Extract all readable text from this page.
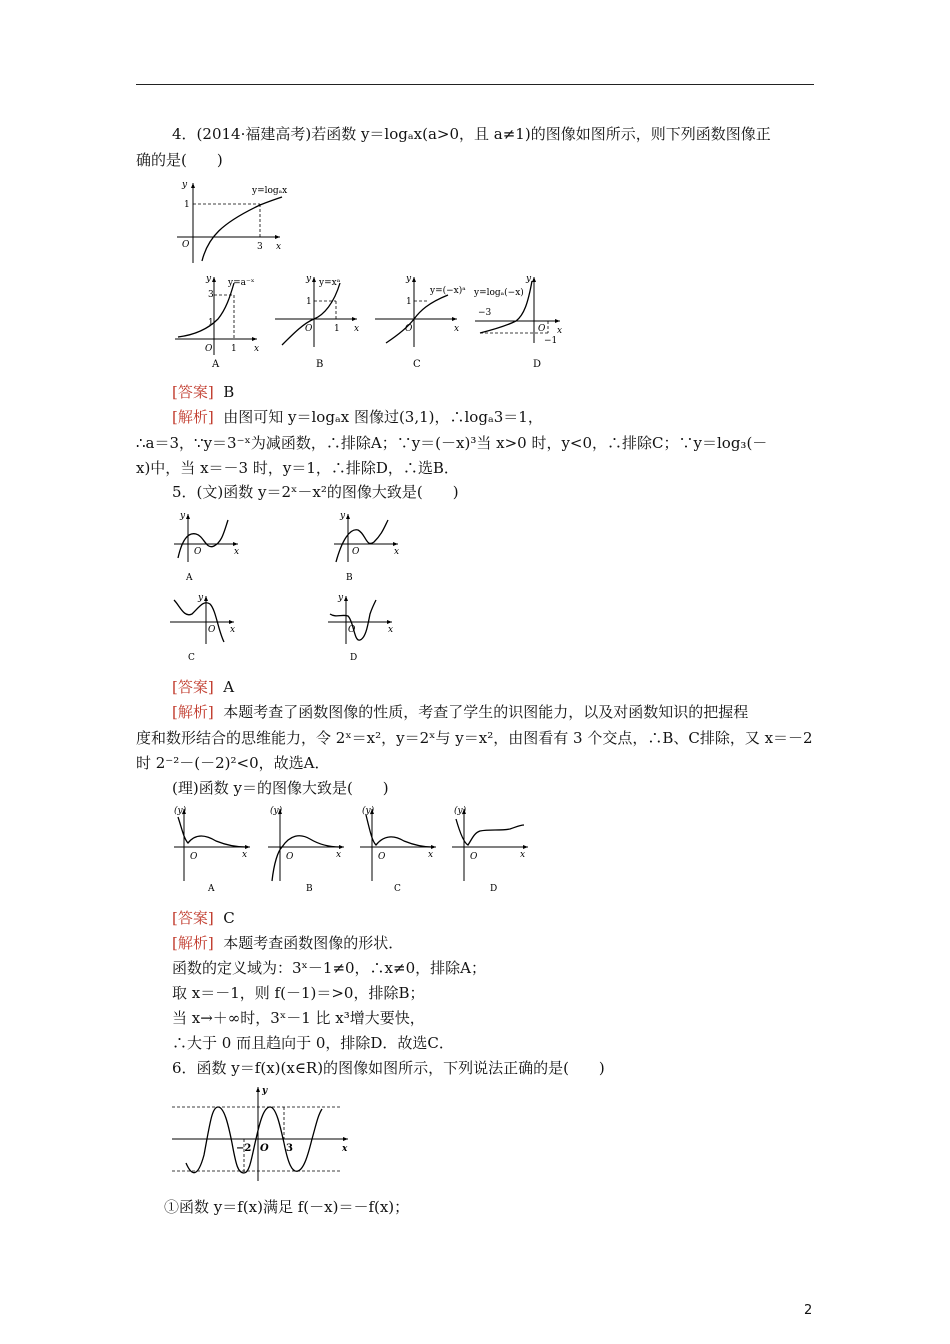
4．(2014·福建高考)若函数 y＝logₐx(a>0，且 a≠1)的图像如图所示，则下列函数图像正
确的是(　　)
y
x
O
1
3
y=logₐx
y
x
y=a⁻ˣ
3
1
O 1
A
y
x
y=xᵃ
1
O 1
B
y
x
y=(−x)ᵃ
1
O
C
y
x
y=logₐ(−x)
−3
O
−1
D
[答案] B
[解析] 由图可知 y＝logₐx 图像过(3,1)，∴logₐ3＝1，
∴a＝3，∵y＝3⁻ˣ为减函数，∴排除A；∵y＝(－x)³当 x>0 时，y<0，∴排除C；∵y＝log₃(－
x)中，当 x＝－3 时，y＝1，∴排除D，∴选B．
5．(文)函数 y＝2ˣ－x²的图像大致是(　　)
y
x
O
A
y
x
O
B
y
x
O
C
y
x
O
D
[答案] A
[解析] 本题考查了函数图像的性质，考查了学生的识图能力，以及对函数知识的把握程
度和数形结合的思维能力，令 2ˣ＝x²，y＝2ˣ与 y＝x²，由图看有 3 个交点，∴B、C排除，又 x＝－2
时 2⁻²－(－2)²<0，故选A．
(理)函数 y＝的图像大致是(　　)
(y)
x
O
A
(y)
x
O
B
(y)
x
O
C
(y)
x
O
D
[答案] C
[解析] 本题考查函数图像的形状．
函数的定义域为：3ˣ－1≠0，∴x≠0，排除A；
取 x＝－1，则 f(－1)＝>0，排除B；
当 x→＋∞时，3ˣ－1 比 x³增大要快，
∴大于 0 而且趋向于 0，排除D．故选C．
6．函数 y＝f(x)(x∈R)的图像如图所示，下列说法正确的是(　　)
y
x
O
−2	3
①函数 y＝f(x)满足 f(－x)＝－f(x)；
2
